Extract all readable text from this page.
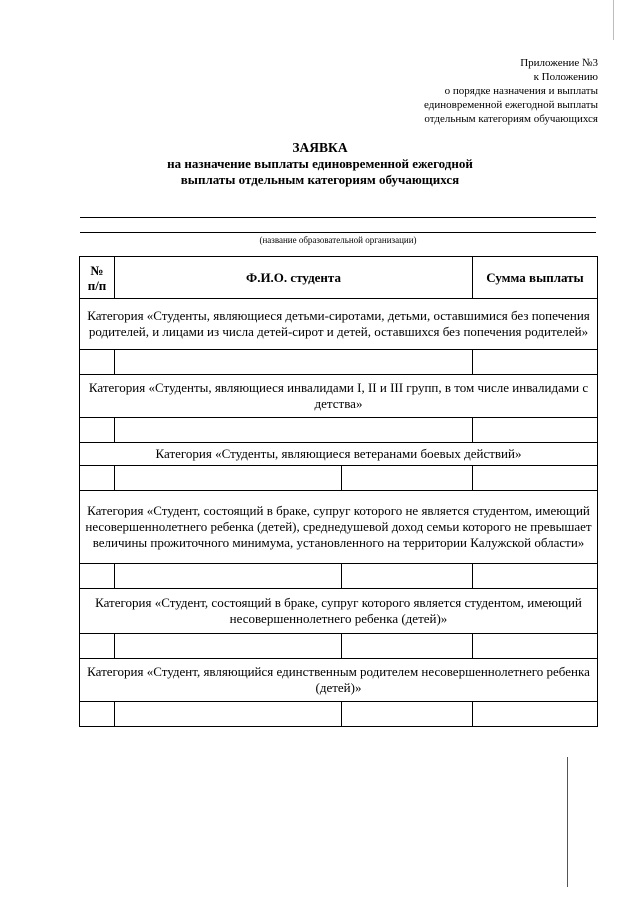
Приложение №3
к Положению
о порядке назначения и выплаты
единовременной ежегодной выплаты
отдельным категориям обучающихся
ЗАЯВКА
на назначение выплаты единовременной ежегодной
выплаты отдельным категориям обучающихся
(название образовательной организации)
№
п/п	Ф.И.О. студента		Сумма выплаты
Категория «Студенты, являющиеся детьми-сиротами, детьми, оставшимися без попечения родителей, и лицами из числа детей-сирот и детей, оставшихся без попечения родителей»			

Категория «Студенты, являющиеся инвалидами I, II и III групп, в том числе инвалидами с детства»			

Категория «Студенты, являющиеся ветеранами боевых действий»			

Категория «Студент, состоящий в браке, супруг которого не является студентом, имеющий несовершеннолетнего ребенка (детей), среднедушевой доход семьи которого не превышает величины прожиточного минимума, установленного на территории Калужской области»			

Категория «Студент, состоящий в браке, супруг которого является студентом, имеющий несовершеннолетнего ребенка (детей)»			

Категория «Студент, являющийся единственным родителем несовершеннолетнего ребенка (детей)»			
